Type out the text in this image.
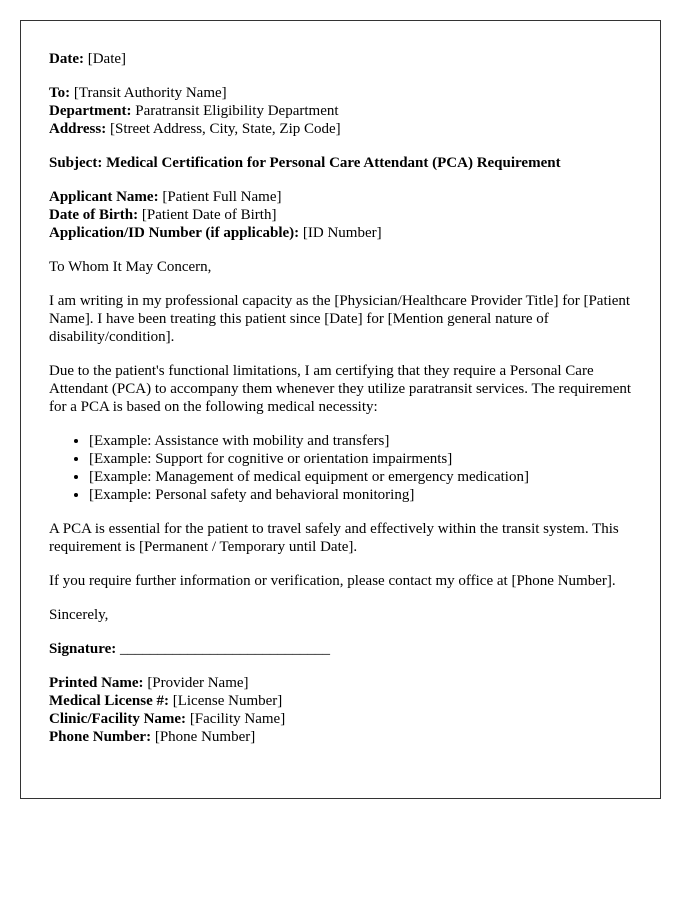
Date: [Date]
To: [Transit Authority Name]
Department: Paratransit Eligibility Department
Address: [Street Address, City, State, Zip Code]
Subject: Medical Certification for Personal Care Attendant (PCA) Requirement
Applicant Name: [Patient Full Name]
Date of Birth: [Patient Date of Birth]
Application/ID Number (if applicable): [ID Number]

To Whom It May Concern,

I am writing in my professional capacity as the [Physician/Healthcare Provider Title] for [Patient Name]. I have been treating this patient since [Date] for [Mention general nature of disability/condition].

Due to the patient's functional limitations, I am certifying that they require a Personal Care Attendant (PCA) to accompany them whenever they utilize paratransit services. The requirement for a PCA is based on the following medical necessity:

• [Example: Assistance with mobility and transfers]
• [Example: Support for cognitive or orientation impairments]
• [Example: Management of medical equipment or emergency medication]
• [Example: Personal safety and behavioral monitoring]

A PCA is essential for the patient to travel safely and effectively within the transit system. This requirement is [Permanent / Temporary until Date].

If you require further information or verification, please contact my office at [Phone Number].

Sincerely,

Signature: ____________________________
Printed Name: [Provider Name]
Medical License #: [License Number]
Clinic/Facility Name: [Facility Name]
Phone Number: [Phone Number]
